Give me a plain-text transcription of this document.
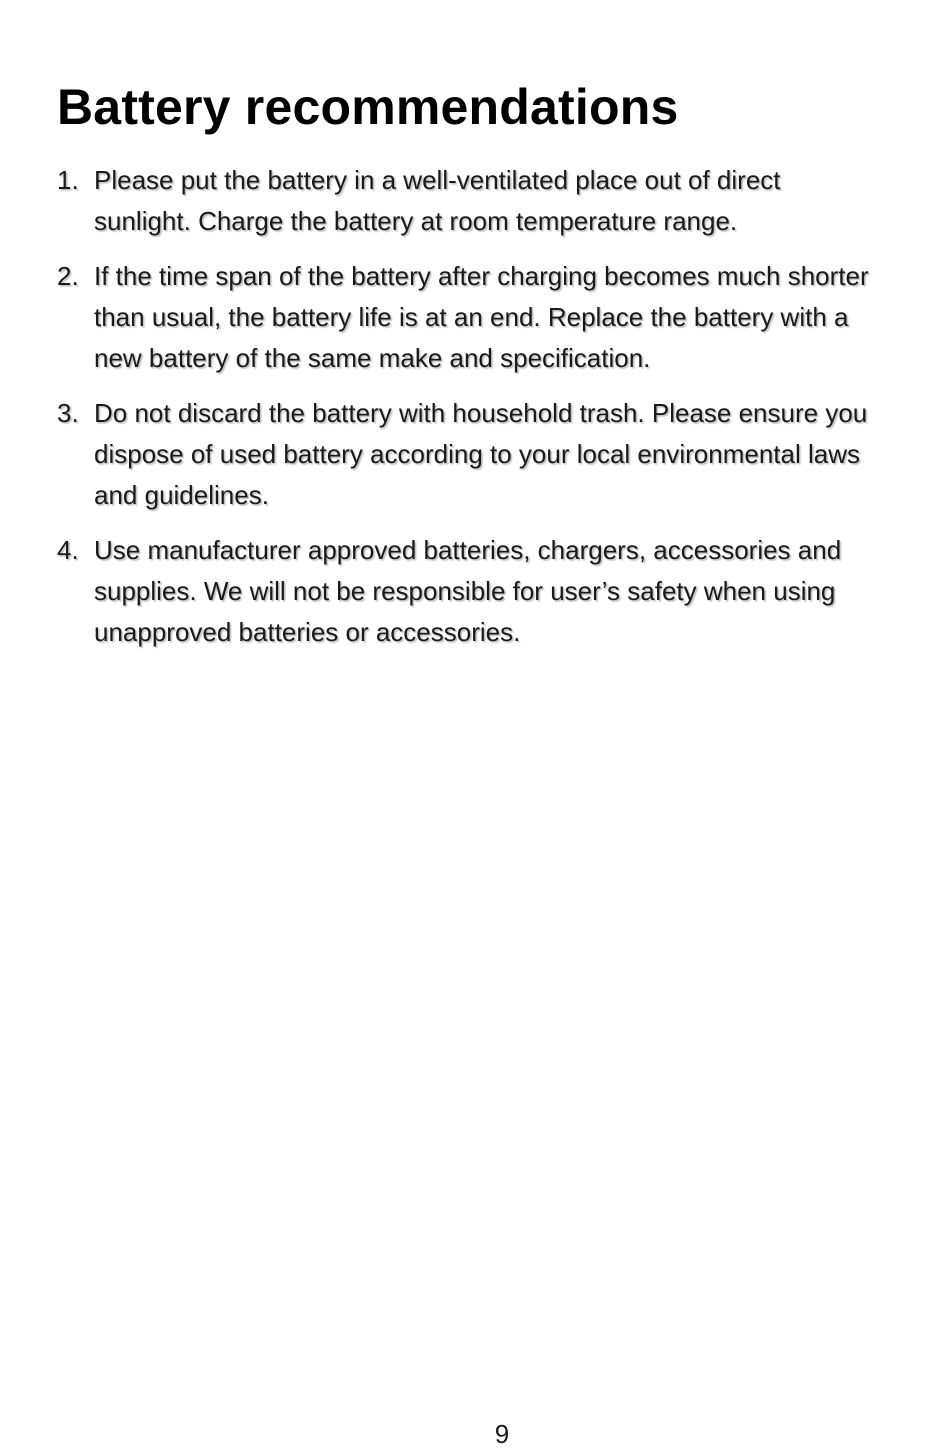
Battery recommendations
1. Please put the battery in a well-ventilated place out of direct sunlight. Charge the battery at room temperature range.
2. If the time span of the battery after charging becomes much shorter than usual, the battery life is at an end. Replace the battery with a new battery of the same make and specification.
3. Do not discard the battery with household trash. Please ensure you dispose of used battery according to your local environmental laws and guidelines.
4. Use manufacturer approved batteries, chargers, accessories and supplies. We will not be responsible for user’s safety when using unapproved batteries or accessories.
9
